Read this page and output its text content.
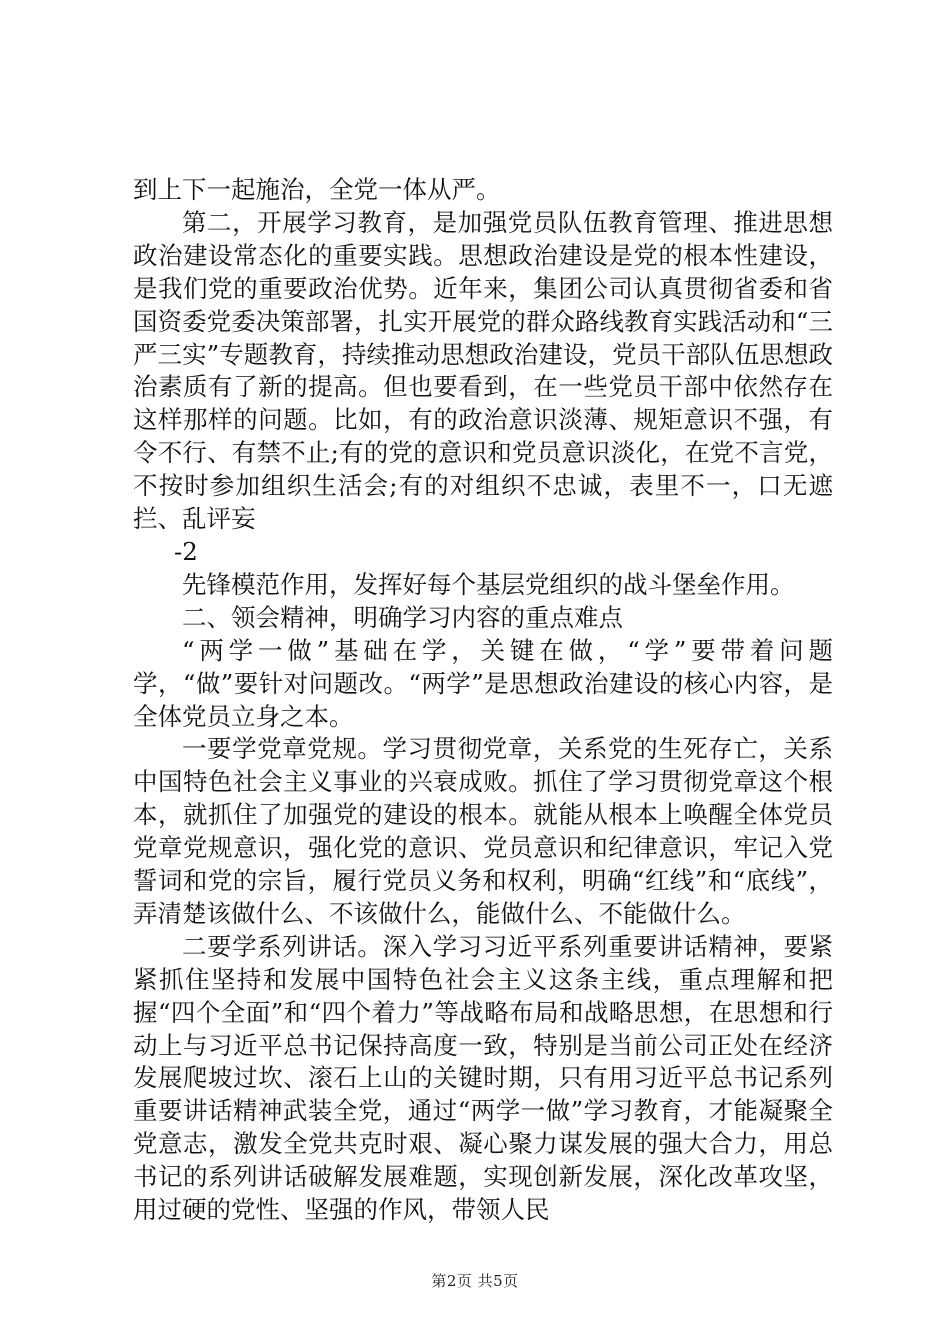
到上下一起施治，全党一体从严。

第二，开展学习教育，是加强党员队伍教育管理、推进思想政治建设常态化的重要实践。思想政治建设是党的根本性建设，是我们党的重要政治优势。近年来，集团公司认真贯彻省委和省国资委党委决策部署，扎实开展党的群众路线教育实践活动和“三严三实”专题教育，持续推动思想政治建设，党员干部队伍思想政治素质有了新的提高。但也要看到，在一些党员干部中依然存在这样那样的问题。比如，有的政治意识淡薄、规矩意识不强，有令不行、有禁不止;有的党的意识和党员意识淡化，在党不言党，不按时参加组织生活会;有的对组织不忠诚，表里不一，口无遮拦、乱评妄

-2

先锋模范作用，发挥好每个基层党组织的战斗堡垒作用。

二、领会精神，明确学习内容的重点难点

“两学一做”基础在学，关键在做，“学”要带着问题学，“做”要针对问题改。“两学”是思想政治建设的核心内容，是全体党员立身之本。

一要学党章党规。学习贯彻党章，关系党的生死存亡，关系中国特色社会主义事业的兴衰成败。抓住了学习贯彻党章这个根本，就抓住了加强党的建设的根本。就能从根本上唤醒全体党员党章党规意识，强化党的意识、党员意识和纪律意识，牢记入党誓词和党的宗旨，履行党员义务和权利，明确“红线”和“底线”，弄清楚该做什么、不该做什么，能做什么、不能做什么。

二要学系列讲话。深入学习习近平系列重要讲话精神，要紧紧抓住坚持和发展中国特色社会主义这条主线，重点理解和把握“四个全面”和“四个着力”等战略布局和战略思想，在思想和行动上与习近平总书记保持高度一致，特别是当前公司正处在经济发展爬坡过坎、滚石上山的关键时期，只有用习近平总书记系列重要讲话精神武装全党，通过“两学一做”学习教育，才能凝聚全党意志，激发全党共克时艰、凝心聚力谋发展的强大合力，用总书记的系列讲话破解发展难题，实现创新发展，深化改革攻坚，用过硬的党性、坚强的作风，带领人民

第2页 共5页
